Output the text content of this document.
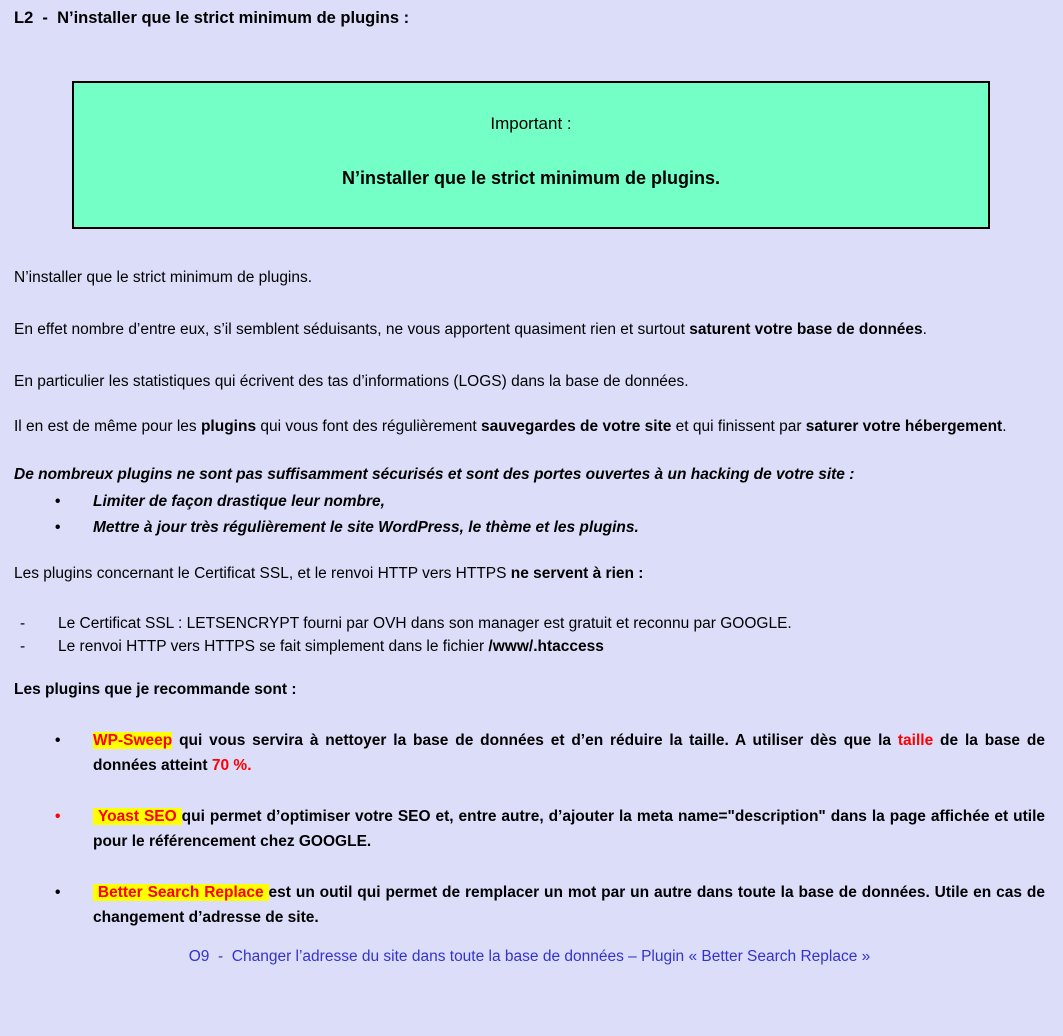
L2  -  N’installer que le strict minimum de plugins :
Important :
N’installer que le strict minimum de plugins.

N’installer que le strict minimum de plugins.

En effet nombre d’entre eux, s’il semblent séduisants, ne vous apportent quasiment rien et surtout saturent votre base de données.

En particulier les statistiques qui écrivent des tas d’informations (LOGS) dans la base de données.

Il en est de même pour les plugins qui vous font des régulièrement sauvegardes de votre site et qui finissent par saturer votre hébergement.

De nombreux plugins ne sont pas suffisamment sécurisés et sont des portes ouvertes à un hacking de votre site :

•	Limiter de façon drastique leur nombre,
•	Mettre à jour très régulièrement le site WordPress, le thème et les plugins.

Les plugins concernant le Certificat SSL, et le renvoi HTTP vers HTTPS ne servent à rien :

-	Le Certificat SSL : LETSENCRYPT fourni par OVH dans son manager est gratuit et reconnu par GOOGLE.
-	Le renvoi HTTP vers HTTPS se fait simplement dans le fichier /www/.htaccess

Les plugins que je recommande sont :

•	WP-Sweep qui vous servira à nettoyer la base de données et d’en réduire la taille. A utiliser dès que la taille de la base de données atteint 70 %.
•	Yoast SEO qui permet d’optimiser votre SEO et, entre autre, d’ajouter la meta name="description" dans la page affichée et utile pour le référencement chez GOOGLE.
•	Better Search Replace est un outil qui permet de remplacer un mot par un autre dans toute la base de données. Utile en cas de changement d’adresse de site.
O9  -  Changer l’adresse du site dans toute la base de données – Plugin « Better Search Replace »
